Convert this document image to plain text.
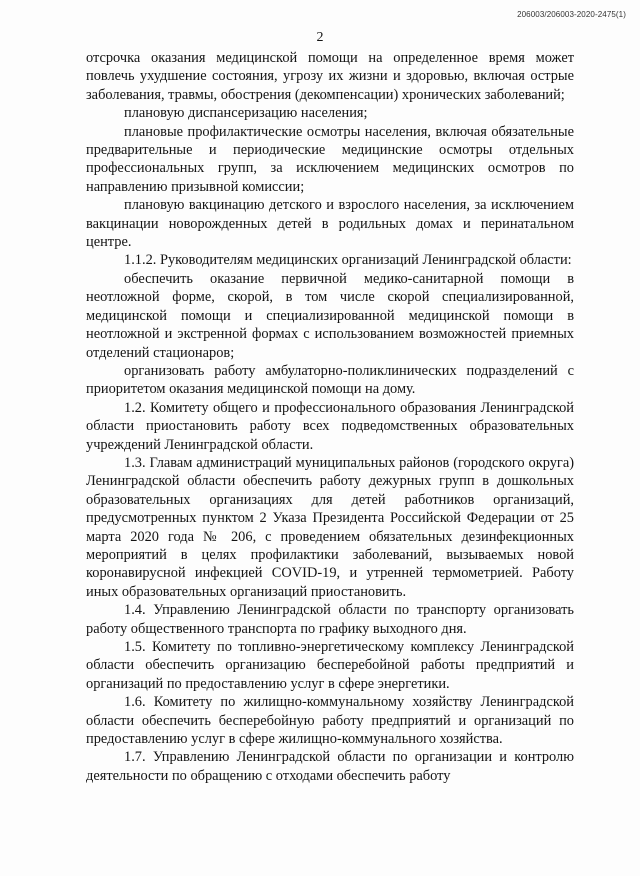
206003/206003-2020-2475(1)
2

отсрочка оказания медицинской помощи на определенное время может повлечь ухудшение состояния, угрозу их жизни и здоровью, включая острые заболевания, травмы, обострения (декомпенсации) хронических заболеваний;

плановую диспансеризацию населения;

плановые профилактические осмотры населения, включая обязательные предварительные и периодические медицинские осмотры отдельных профессиональных групп, за исключением медицинских осмотров по направлению призывной комиссии;

плановую вакцинацию детского и взрослого населения, за исключением вакцинации новорожденных детей в родильных домах и перинатальном центре.

1.1.2. Руководителям медицинских организаций Ленинградской области:

обеспечить оказание первичной медико-санитарной помощи в неотложной форме, скорой, в том числе скорой специализированной, медицинской помощи и специализированной медицинской помощи в неотложной и экстренной формах с использованием возможностей приемных отделений стационаров;

организовать работу амбулаторно-поликлинических подразделений с приоритетом оказания медицинской помощи на дому.

1.2. Комитету общего и профессионального образования Ленинградской области приостановить работу всех подведомственных образовательных учреждений Ленинградской области.

1.3. Главам администраций муниципальных районов (городского округа) Ленинградской области обеспечить работу дежурных групп в дошкольных образовательных организациях для детей работников организаций, предусмотренных пунктом 2 Указа Президента Российской Федерации от 25 марта 2020 года № 206, с проведением обязательных дезинфекционных мероприятий в целях профилактики заболеваний, вызываемых новой коронавирусной инфекцией COVID-19, и утренней термометрией. Работу иных образовательных организаций приостановить.

1.4. Управлению Ленинградской области по транспорту организовать работу общественного транспорта по графику выходного дня.

1.5. Комитету по топливно-энергетическому комплексу Ленинградской области обеспечить организацию бесперебойной работы предприятий и организаций по предоставлению услуг в сфере энергетики.

1.6. Комитету по жилищно-коммунальному хозяйству Ленинградской области обеспечить бесперебойную работу предприятий и организаций по предоставлению услуг в сфере жилищно-коммунального хозяйства.

1.7. Управлению Ленинградской области по организации и контролю деятельности по обращению с отходами обеспечить работу
